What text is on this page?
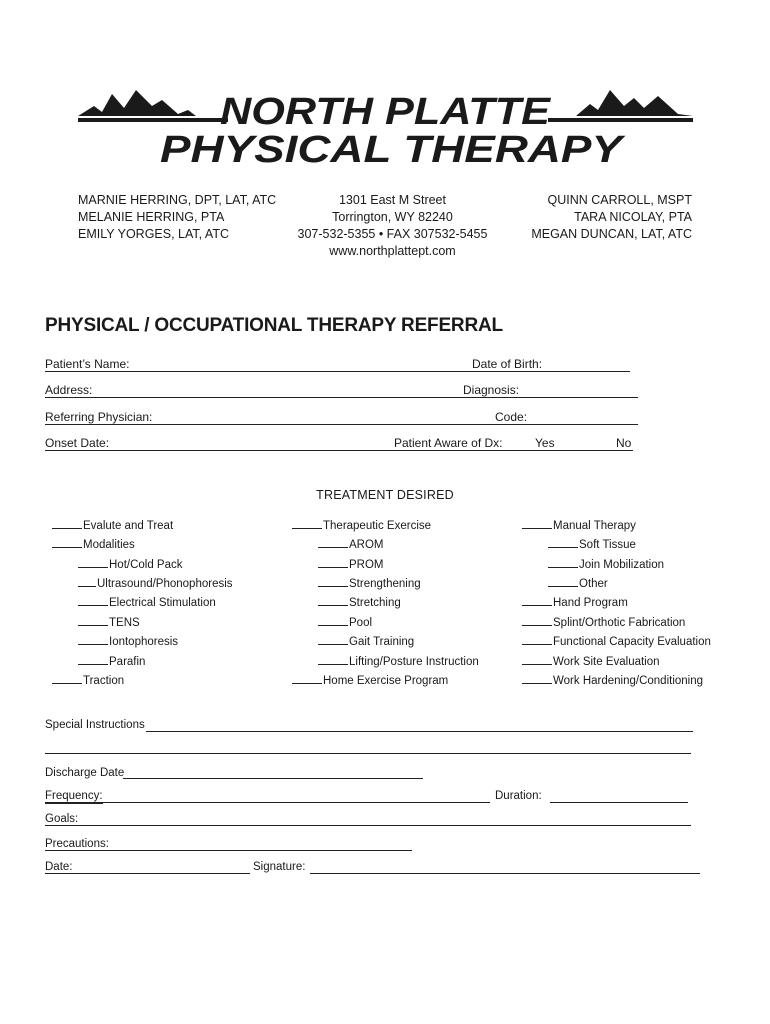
NORTH PLATTE
PHYSICAL THERAPY
MARNIE HERRING, DPT, LAT, ATC
MELANIE HERRING, PTA
EMILY YORGES, LAT, ATC
1301 East M Street
Torrington, WY 82240
307-532-5355 • FAX 307532-5455
www.northplattept.com
QUINN CARROLL, MSPT
TARA NICOLAY, PTA
MEGAN DUNCAN, LAT, ATC
PHYSICAL / OCCUPATIONAL THERAPY REFERRAL
Patient’s Name:	Date of Birth:
Address:	Diagnosis:
Referring Physician:	Code:
Onset Date:	Patient Aware of Dx:	Yes	No
TREATMENT DESIRED
Evalute and Treat
Modalities
Hot/Cold Pack
Ultrasound/Phonophoresis
Electrical Stimulation
TENS
Iontophoresis
Parafin
Traction
Therapeutic Exercise
AROM
PROM
Strengthening
Stretching
Pool
Gait Training
Lifting/Posture Instruction
Home Exercise Program
Manual Therapy
Soft Tissue
Join Mobilization
Other
Hand Program
Splint/Orthotic Fabrication
Functional Capacity Evaluation
Work Site Evaluation
Work Hardening/Conditioning
Special Instructions
Discharge Date
Frequency:	Duration:
Goals:
Precautions:
Date:	Signature:
